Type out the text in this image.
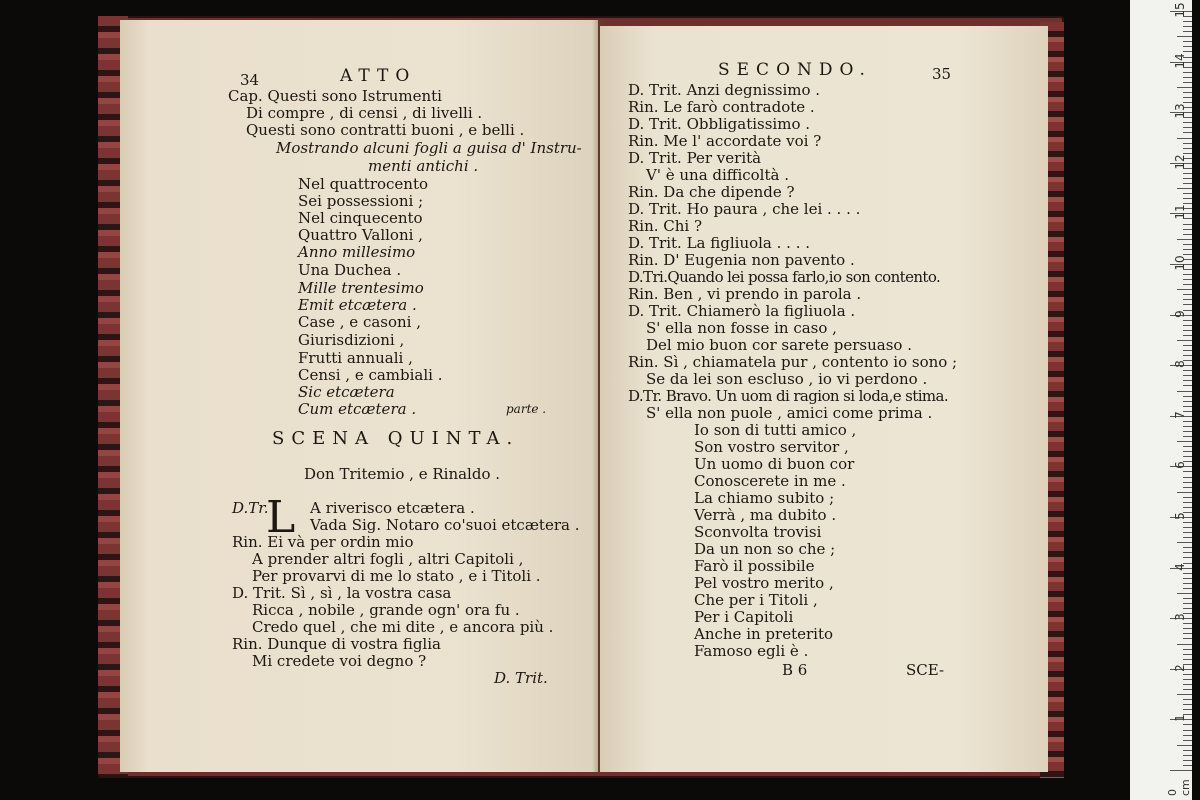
34	ATTO
Cap. Questi sono Istrumenti
Di compre , di censi , di livelli .
Questi sono contratti buoni , e belli .
Mostrando alcuni fogli a guisa d' Instru-
menti antichi .
Nel quattrocento
Sei possessioni ;
Nel cinquecento
Quattro Valloni ,
Anno millesimo
Una Duchea .
Mille trentesimo
Emit etcætera .
Case , e casoni ,
Giurisdizioni ,
Frutti annuali ,
Censi , e cambiali .
Sic etcætera
Cum etcætera .	parte .
SCENA QUINTA.
Don Tritemio , e Rinaldo .
L
D.Tr.	A riverisco etcætera .
Vada Sig. Notaro co'suoi etcætera .
Rin. Ei và per ordin mio
A prender altri fogli , altri Capitoli ,
Per provarvi di me lo stato , e i Titoli .
D. Trit. Sì , sì , la vostra casa
Ricca , nobile , grande ogn' ora fu .
Credo quel , che mi dite , e ancora più .
Rin. Dunque di vostra figlia
Mi credete voi degno ?
D. Trit.
SECONDO.	35
D. Trit. Anzi degnissimo .
Rin. Le farò contradote .
D. Trit. Obbligatissimo .
Rin. Me l' accordate voi ?
D. Trit. Per verità
V' è una difficoltà .
Rin. Da che dipende ?
D. Trit. Ho paura , che lei . . . .
Rin. Chi ?
D. Trit. La figliuola . . . .
Rin. D' Eugenia non pavento .
D.Tri.Quando lei possa farlo,io son contento.
Rin. Ben , vi prendo in parola .
D. Trit. Chiamerò la figliuola .
S' ella non fosse in caso ,
Del mio buon cor sarete persuaso .
Rin. Sì , chiamatela pur , contento io sono ;
Se da lei son escluso , io vi perdono .
D.Tr. Bravo. Un uom di ragion si loda,e stima.
S' ella non puole , amici come prima .
Io son di tutti amico ,
Son vostro servitor ,
Un uomo di buon cor
Conoscerete in me .
La chiamo subito ;
Verrà , ma dubito .
Sconvolta trovisi
Da un non so che ;
Farò il possibile
Pel vostro merito ,
Che per i Titoli ,
Per i Capitoli
Anche in preterito
Famoso egli è .
B 6	SCE-
0 cm
1
2
3
4
5
6
7
8
9
10
11
12
13
14
15
